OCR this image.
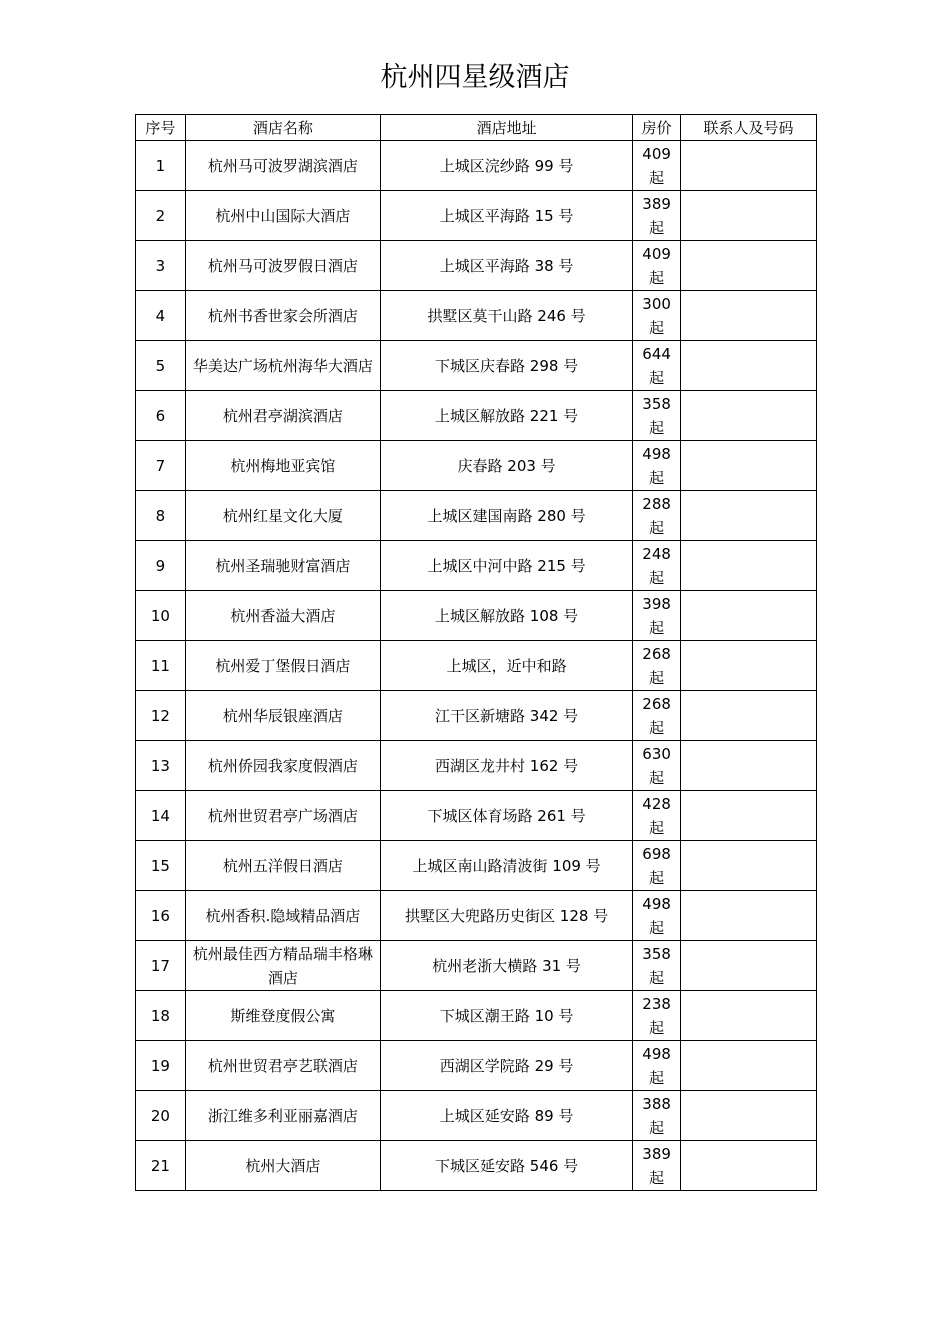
杭州四星级酒店
序号	酒店名称	酒店地址	房价	联系人及号码
1	杭州马可波罗湖滨酒店	上城区浣纱路 99 号	409
起	

2	杭州中山国际大酒店	上城区平海路 15 号	389
起	

3	杭州马可波罗假日酒店	上城区平海路 38 号	409
起	

4	杭州书香世家会所酒店	拱墅区莫干山路 246 号	300
起	

5	华美达广场杭州海华大酒店	下城区庆春路 298 号	644
起	

6	杭州君亭湖滨酒店	上城区解放路 221 号	358
起	

7	杭州梅地亚宾馆	庆春路 203 号	498
起	

8	杭州红星文化大厦	上城区建国南路 280 号	288
起	

9	杭州圣瑞驰财富酒店	上城区中河中路 215 号	248
起	

10	杭州香溢大酒店	上城区解放路 108 号	398
起	

11	杭州爱丁堡假日酒店	上城区，近中和路	268
起	

12	杭州华辰银座酒店	江干区新塘路 342 号	268
起	

13	杭州侨园我家度假酒店	西湖区龙井村 162 号	630
起	

14	杭州世贸君亭广场酒店	下城区体育场路 261 号	428
起	

15	杭州五洋假日酒店	上城区南山路清波街 109 号	698
起	

16	杭州香积.隐域精品酒店	拱墅区大兜路历史街区 128 号	498
起	

17	杭州最佳西方精品瑞丰格琳酒店	杭州老浙大横路 31 号	358
起	

18	斯维登度假公寓	下城区潮王路 10 号	238
起	

19	杭州世贸君亭艺联酒店	西湖区学院路 29 号	498
起	

20	浙江维多利亚丽嘉酒店	上城区延安路 89 号	388
起	

21	杭州大酒店	下城区延安路 546 号	389
起	
